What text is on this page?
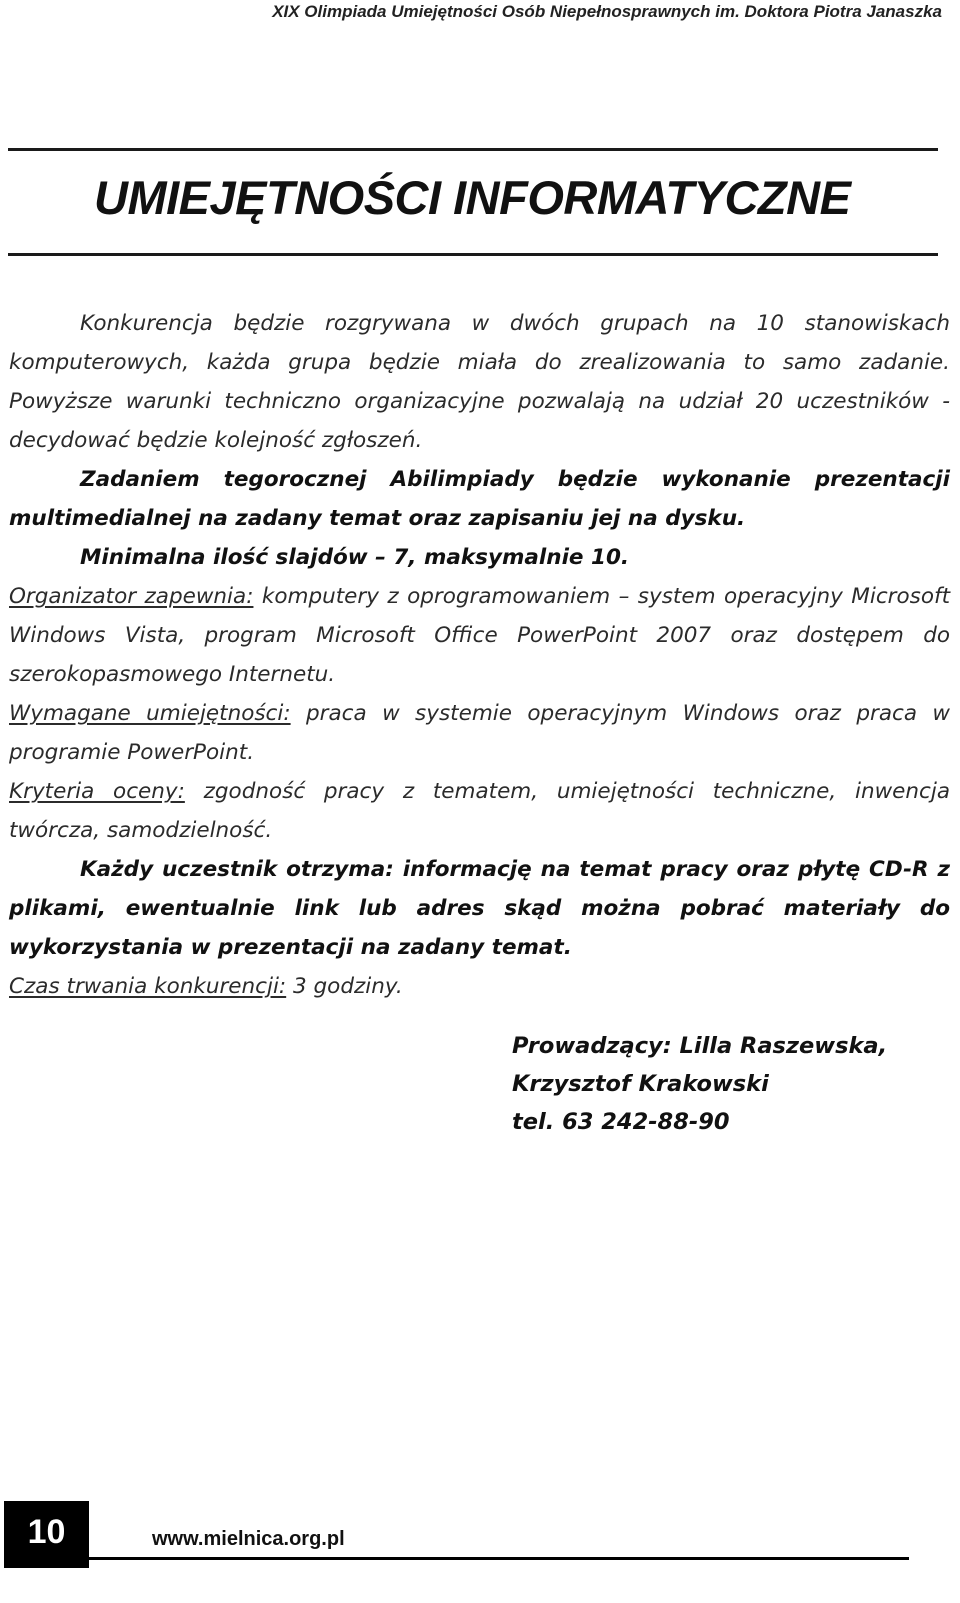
XIX Olimpiada Umiejętności Osób Niepełnosprawnych im. Doktora Piotra Janaszka
UMIEJĘTNOŚCI INFORMATYCZNE

Konkurencja będzie rozgrywana w dwóch grupach na 10 stanowiskach komputerowych, każda grupa będzie miała do zrealizowania to samo zadanie. Powyższe warunki techniczno organizacyjne pozwalają na udział 20 uczestników - decydować będzie kolejność zgłoszeń.

Zadaniem tegorocznej Abilimpiady będzie wykonanie prezentacji multimedialnej na zadany temat oraz zapisaniu jej na dysku.

Minimalna ilość slajdów – 7, maksymalnie 10.

Organizator zapewnia: komputery z oprogramowaniem – system operacyjny Microsoft Windows Vista, program Microsoft Office PowerPoint 2007 oraz dostępem do szerokopasmowego Internetu.

Wymagane umiejętności: praca w systemie operacyjnym Windows oraz praca w programie PowerPoint.

Kryteria oceny: zgodność pracy z tematem, umiejętności techniczne, inwencja twórcza, samodzielność.

Każdy uczestnik otrzyma: informację na temat pracy oraz płytę CD-R z plikami, ewentualnie link lub adres skąd można pobrać materiały do wykorzystania w prezentacji na zadany temat.

Czas trwania konkurencji: 3 godziny.

Prowadzący: Lilla Raszewska,
Krzysztof Krakowski
tel. 63 242-88-90
10	www.mielnica.org.pl
